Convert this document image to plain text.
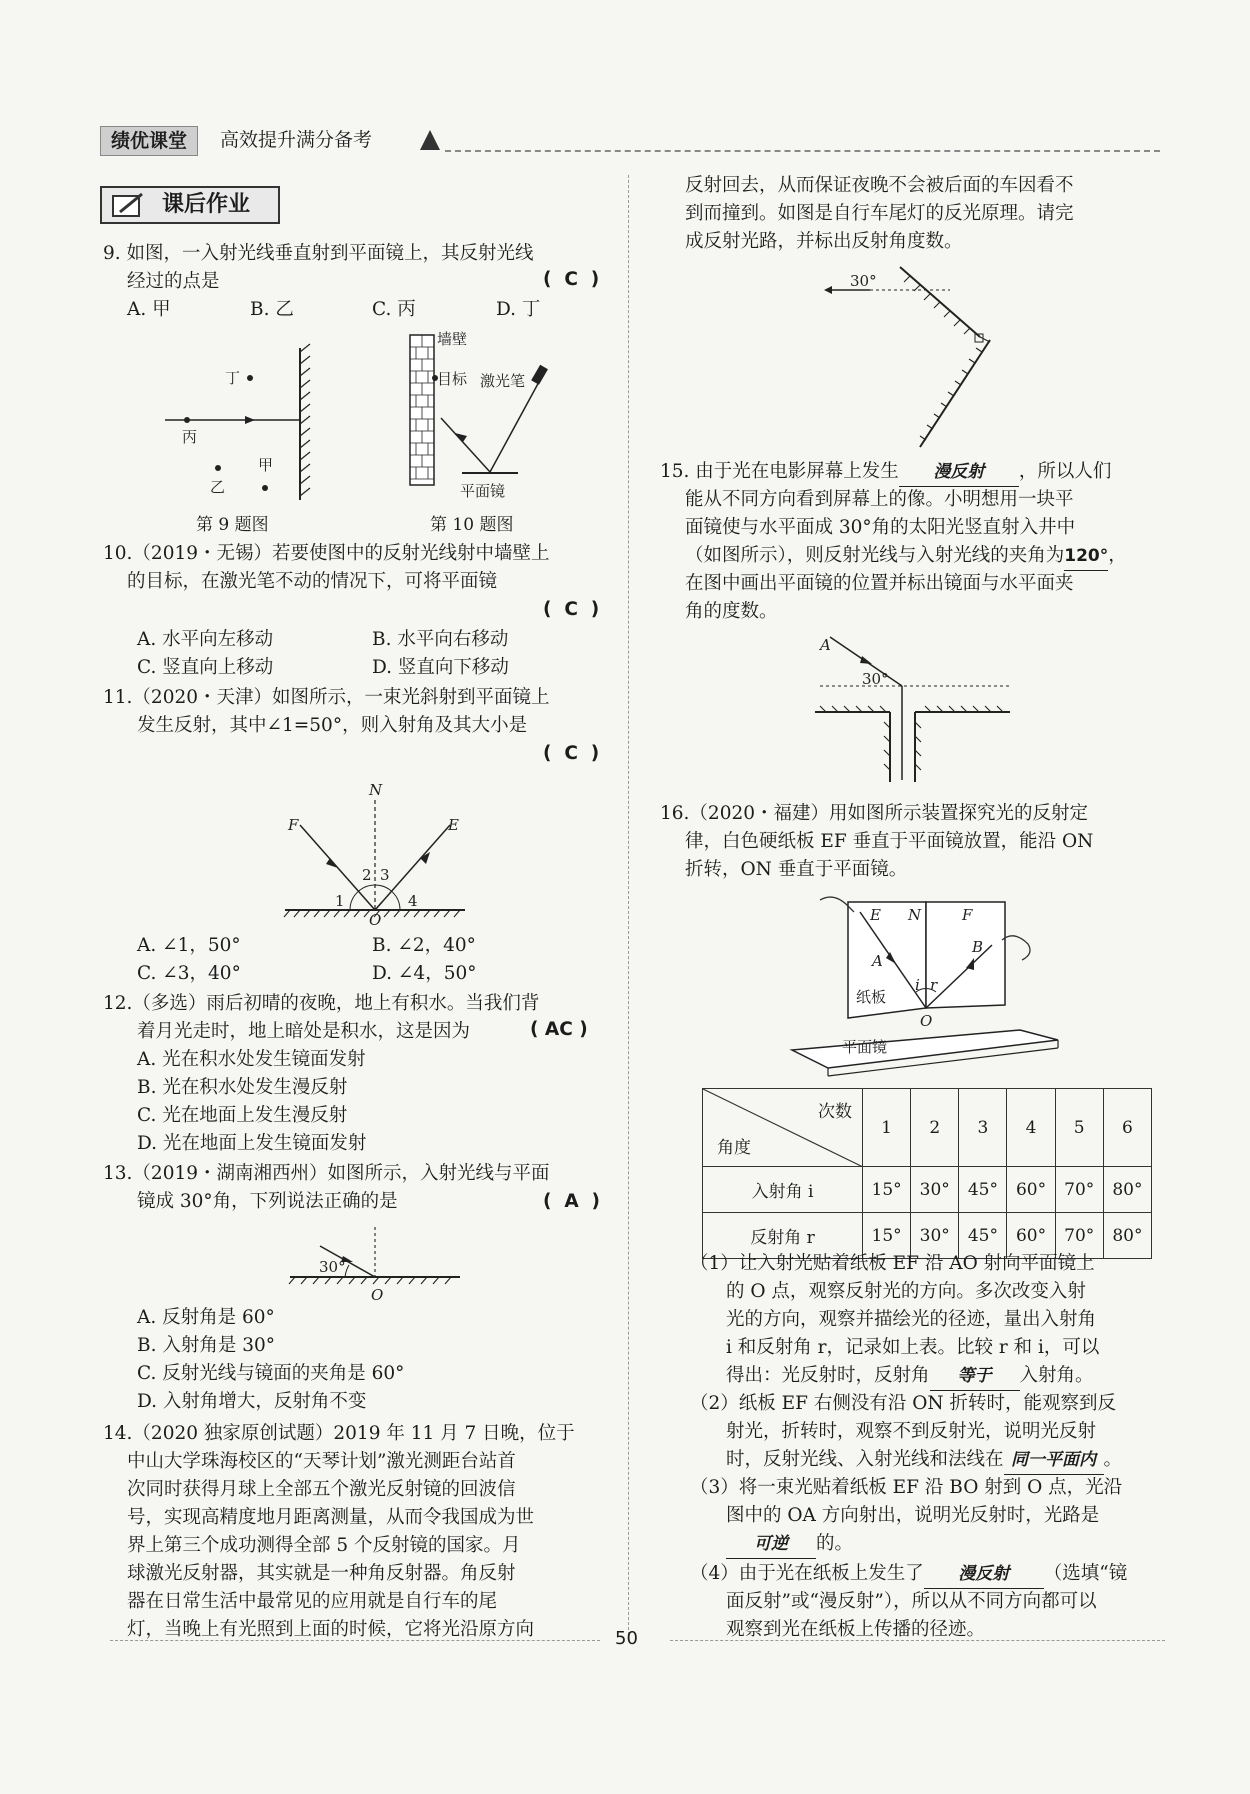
绩优课堂	高效提升满分备考
课后作业
9. 如图，一入射光线垂直射到平面镜上，其反射光线
经过的点是	(  C  )
A. 甲	B. 乙	C. 丙	D. 丁
丁
丙
甲
乙
第 9 题图
墙壁
目标 激光笔
平面镜
第 10 题图
10.（2019・无锡）若要使图中的反射光线射中墙壁上
的目标，在激光笔不动的情况下，可将平面镜
(  C  )
A. 水平向左移动	B. 水平向右移动
C. 竖直向上移动	D. 竖直向下移动
11.（2020・天津）如图所示，一束光斜射到平面镜上
发生反射，其中∠1=50°，则入射角及其大小是
(  C  )
N
F	E
2 3
1	4
O
A. ∠1，50°	B. ∠2，40°
C. ∠3，40°	D. ∠4，50°
12.（多选）雨后初晴的夜晚，地上有积水。当我们背
着月光走时，地上暗处是积水，这是因为	( AC )
A. 光在积水处发生镜面发射
B. 光在积水处发生漫反射
C. 光在地面上发生漫反射
D. 光在地面上发生镜面发射
13.（2019・湖南湘西州）如图所示，入射光线与平面
镜成 30°角，下列说法正确的是	(  A  )
30°
O
A. 反射角是 60°
B. 入射角是 30°
C. 反射光线与镜面的夹角是 60°
D. 入射角增大，反射角不变
14.（2020 独家原创试题）2019 年 11 月 7 日晚，位于
中山大学珠海校区的“天琴计划”激光测距台站首
次同时获得月球上全部五个激光反射镜的回波信
号，实现高精度地月距离测量，从而令我国成为世
界上第三个成功测得全部 5 个反射镜的国家。月
球激光反射器，其实就是一种角反射器。角反射
器在日常生活中最常见的应用就是自行车的尾
灯，当晚上有光照到上面的时候，它将光沿原方向
反射回去，从而保证夜晚不会被后面的车因看不
到而撞到。如图是自行车尾灯的反光原理。请完
成反射光路，并标出反射角度数。
30°
15. 由于光在电影屏幕上发生 漫反射 ，所以人们
能从不同方向看到屏幕上的像。小明想用一块平
面镜使与水平面成 30°角的太阳光竖直射入井中
（如图所示），则反射光线与入射光线的夹角为120°，
在图中画出平面镜的位置并标出镜面与水平面夹
角的度数。
A
30°
16.（2020・福建）用如图所示装置探究光的反射定
律，白色硬纸板 EF 垂直于平面镜放置，能沿 ON
折转，ON 垂直于平面镜。
E N	F
A
B
i r
纸板
O
平面镜
次数
角度	1	2	3	4	5	6
入射角 i	15°	30°	45°	60°	70°	80°
反射角 r	15°	30°	45°	60°	70°	80°
（1）让入射光贴着纸板 EF 沿 AO 射向平面镜上
的 O 点，观察反射光的方向。多次改变入射
光的方向，观察并描绘光的径迹，量出入射角
i 和反射角 r，记录如上表。比较 r 和 i，可以
得出：光反射时，反射角 等于 入射角。
（2）纸板 EF 右侧没有沿 ON 折转时，能观察到反
射光，折转时，观察不到反射光，说明光反射
时，反射光线、入射光线和法线在 同一平面内 。
（3）将一束光贴着纸板 EF 沿 BO 射到 O 点，光沿
图中的 OA 方向射出，说明光反射时，光路是
可逆 的。
（4）由于光在纸板上发生了 漫反射 （选填“镜
面反射”或“漫反射”），所以从不同方向都可以
观察到光在纸板上传播的径迹。
50
